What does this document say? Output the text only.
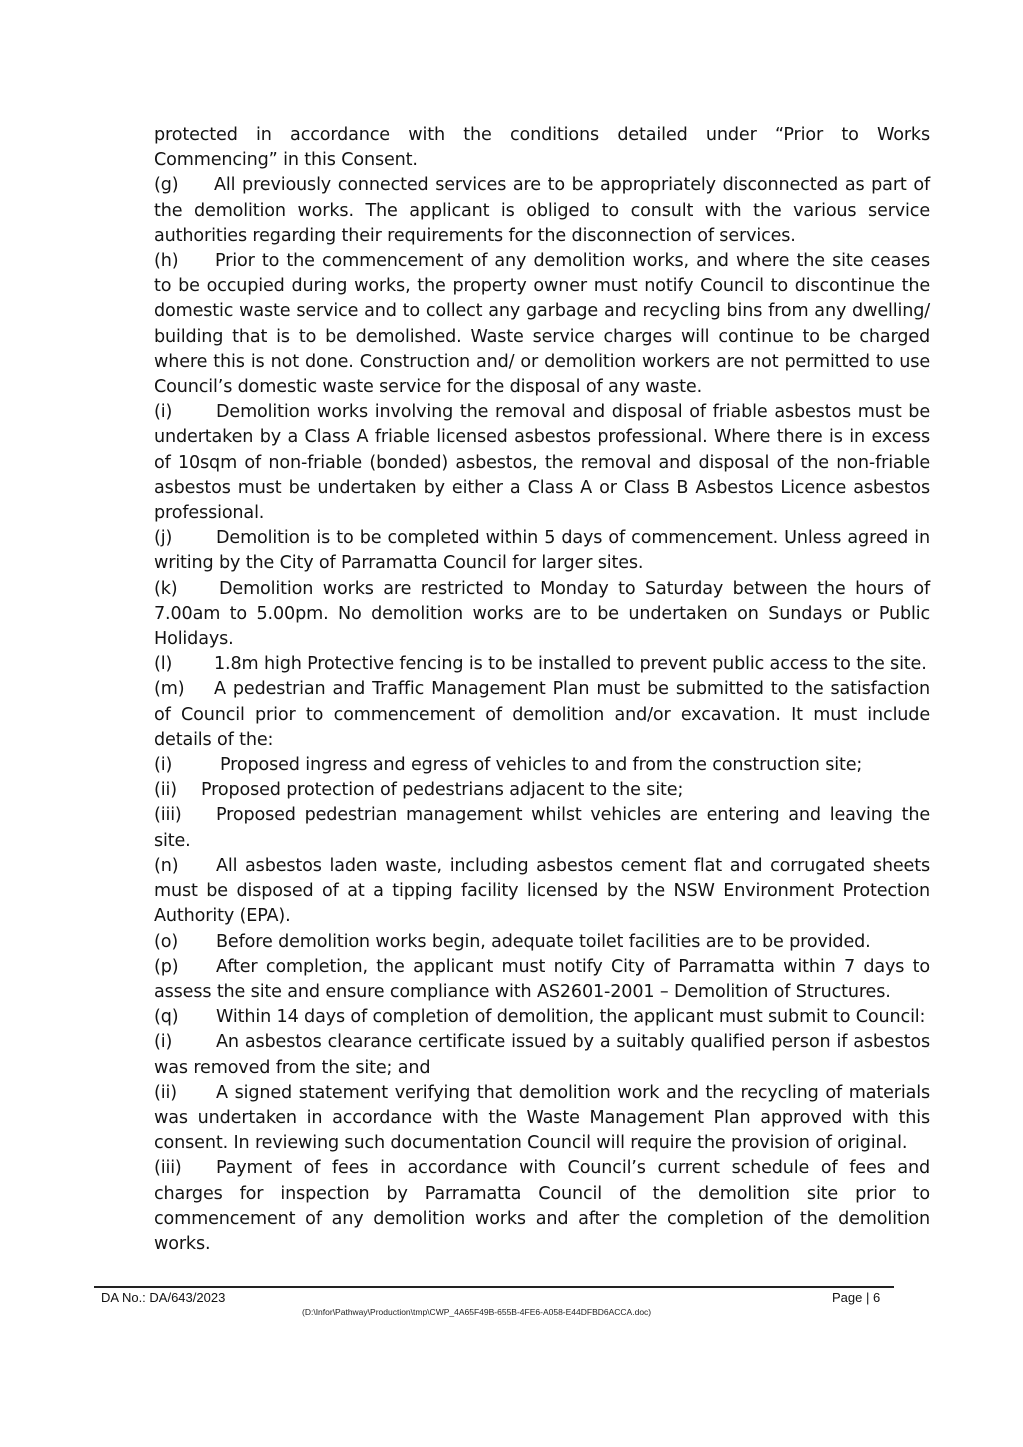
protected in accordance with the conditions detailed under “Prior to Works Commencing” in this Consent.

(g) All previously connected services are to be appropriately disconnected as part of the demolition works. The applicant is obliged to consult with the various service authorities regarding their requirements for the disconnection of services.

(h) Prior to the commencement of any demolition works, and where the site ceases to be occupied during works, the property owner must notify Council to discontinue the domestic waste service and to collect any garbage and recycling bins from any dwelling/ building that is to be demolished. Waste service charges will continue to be charged where this is not done. Construction and/ or demolition workers are not permitted to use Council’s domestic waste service for the disposal of any waste.

(i) Demolition works involving the removal and disposal of friable asbestos must be undertaken by a Class A friable licensed asbestos professional. Where there is in excess of 10sqm of non-friable (bonded) asbestos, the removal and disposal of the non-friable asbestos must be undertaken by either a Class A or Class B Asbestos Licence asbestos professional.

(j) Demolition is to be completed within 5 days of commencement. Unless agreed in writing by the City of Parramatta Council for larger sites.

(k) Demolition works are restricted to Monday to Saturday between the hours of 7.00am to 5.00pm. No demolition works are to be undertaken on Sundays or Public Holidays.

(l) 1.8m high Protective fencing is to be installed to prevent public access to the site.

(m) A pedestrian and Traffic Management Plan must be submitted to the satisfaction of Council prior to commencement of demolition and/or excavation. It must include details of the:

(i)	Proposed ingress and egress of vehicles to and from the construction site;

(ii) Proposed protection of pedestrians adjacent to the site;

(iii) Proposed pedestrian management whilst vehicles are entering and leaving the site.

(n) All asbestos laden waste, including asbestos cement flat and corrugated sheets must be disposed of at a tipping facility licensed by the NSW Environment Protection Authority (EPA).

(o) Before demolition works begin, adequate toilet facilities are to be provided.

(p) After completion, the applicant must notify City of Parramatta within 7 days to assess the site and ensure compliance with AS2601-2001 – Demolition of Structures.

(q) Within 14 days of completion of demolition, the applicant must submit to Council:

(i) An asbestos clearance certificate issued by a suitably qualified person if asbestos was removed from the site; and

(ii) A signed statement verifying that demolition work and the recycling of materials was undertaken in accordance with the Waste Management Plan approved with this consent. In reviewing such documentation Council will require the provision of original.

(iii) Payment of fees in accordance with Council’s current schedule of fees and charges for inspection by Parramatta Council of the demolition site prior to commencement of any demolition works and after the completion of the demolition works.

DA No.: DA/643/2023	Page | 6
(D:\Infor\Pathway\Production\tmp\CWP_4A65F49B-655B-4FE6-A058-E44DFBD6ACCA.doc)
